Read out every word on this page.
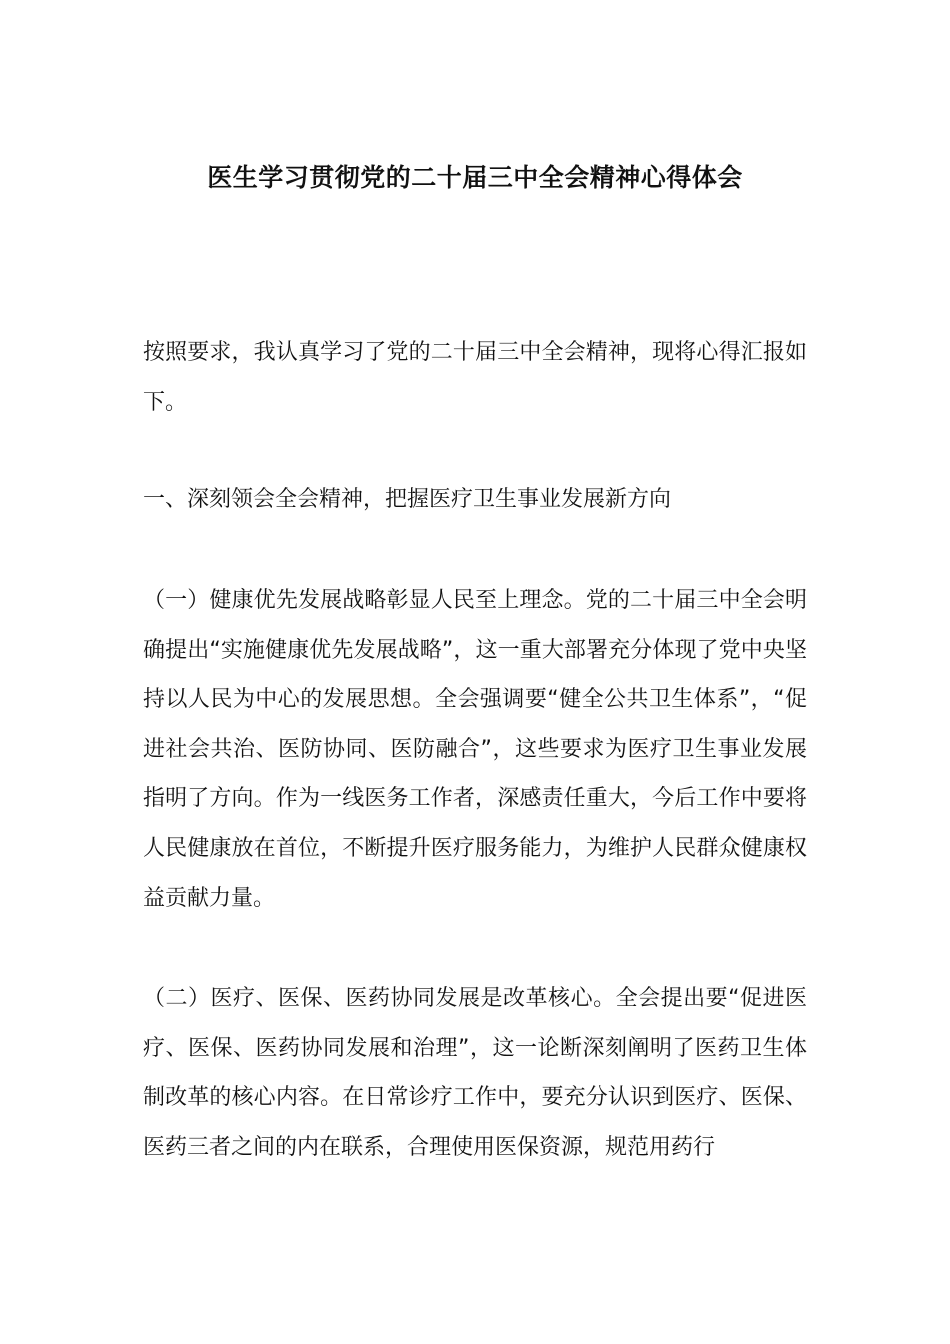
医生学习贯彻党的二十届三中全会精神心得体会

按照要求，我认真学习了党的二十届三中全会精神，现将心得汇报如下。

一、深刻领会全会精神，把握医疗卫生事业发展新方向

（一）健康优先发展战略彰显人民至上理念。党的二十届三中全会明确提出“实施健康优先发展战略”，这一重大部署充分体现了党中央坚持以人民为中心的发展思想。全会强调要“健全公共卫生体系”，“促进社会共治、医防协同、医防融合”，这些要求为医疗卫生事业发展指明了方向。作为一线医务工作者，深感责任重大，今后工作中要将人民健康放在首位，不断提升医疗服务能力，为维护人民群众健康权益贡献力量。

（二）医疗、医保、医药协同发展是改革核心。全会提出要“促进医疗、医保、医药协同发展和治理”，这一论断深刻阐明了医药卫生体制改革的核心内容。在日常诊疗工作中，要充分认识到医疗、医保、医药三者之间的内在联系，合理使用医保资源，规范用药行
